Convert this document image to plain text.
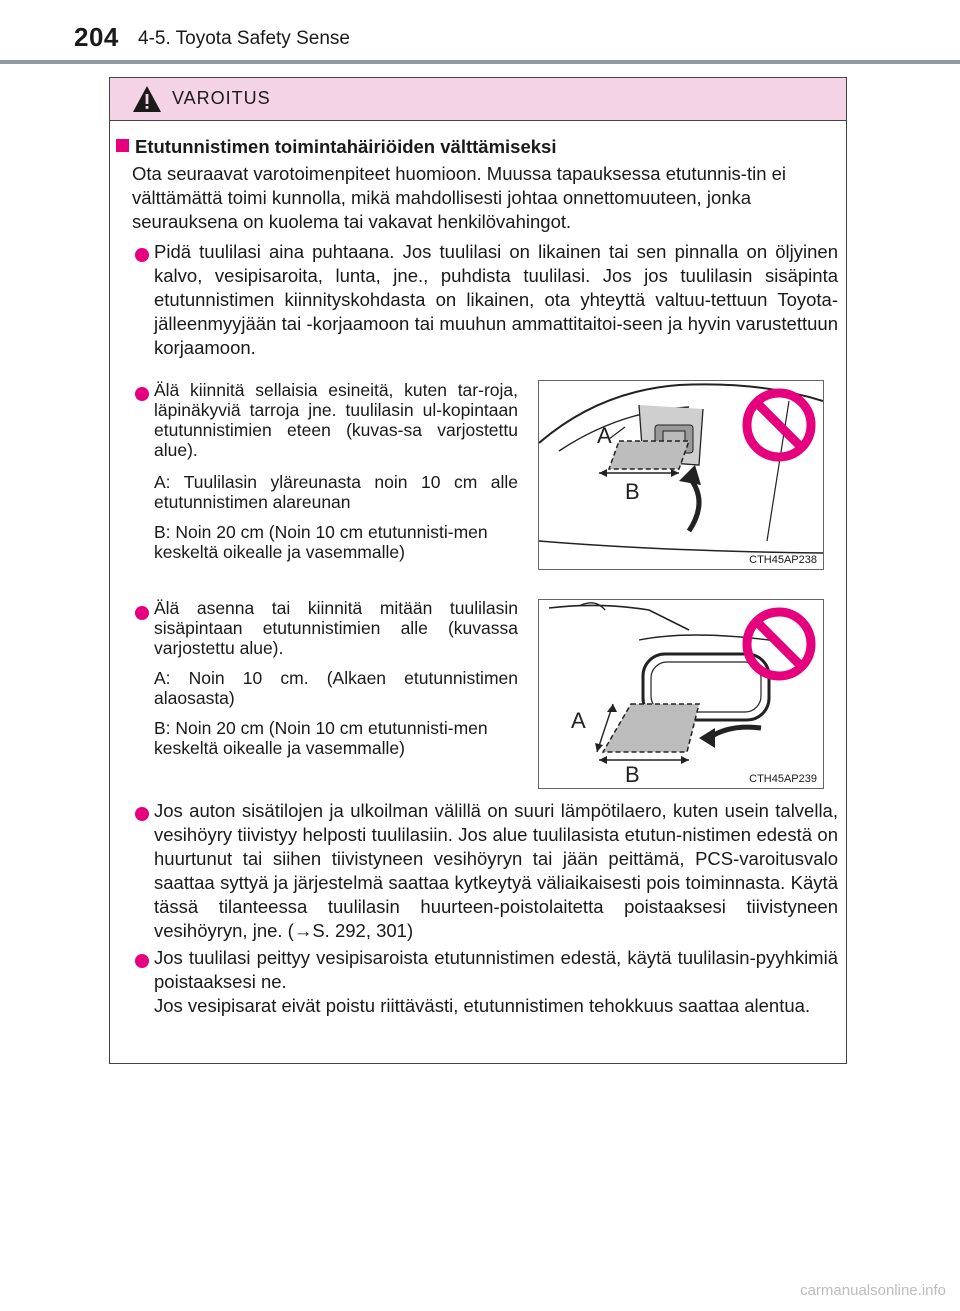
204 4-5. Toyota Safety Sense
VAROITUS
Etutunnistimen toimintahäiriöiden välttämiseksi
Ota seuraavat varotoimenpiteet huomioon. Muussa tapauksessa etutunnis-tin ei välttämättä toimi kunnolla, mikä mahdollisesti johtaa onnettomuuteen, jonka seurauksena on kuolema tai vakavat henkilövahingot.
Pidä tuulilasi aina puhtaana. Jos tuulilasi on likainen tai sen pinnalla on öljyinen kalvo, vesipisaroita, lunta, jne., puhdista tuulilasi. Jos jos tuulilasin sisäpinta etutunnistimen kiinnityskohdasta on likainen, ota yhteyttä valtuu-tettuun Toyota-jälleenmyyjään tai -korjaamoon tai muuhun ammattitaitoi-seen ja hyvin varustettuun korjaamoon.
Älä kiinnitä sellaisia esineitä, kuten tar-roja, läpinäkyviä tarroja jne. tuulilasin ul-kopintaan etutunnistimien eteen (kuvas-sa varjostettu alue).
A: Tuulilasin yläreunasta noin 10 cm alle etutunnistimen alareunan
B: Noin 20 cm (Noin 10 cm etutunnisti-men keskeltä oikealle ja vasemmalle)
A
B
CTH45AP238
Älä asenna tai kiinnitä mitään tuulilasin sisäpintaan etutunnistimien alle (kuvassa varjostettu alue).
A: Noin 10 cm. (Alkaen etutunnistimen alaosasta)
B: Noin 20 cm (Noin 10 cm etutunnisti-men keskeltä oikealle ja vasemmalle)
A
B	CTH45AP239
Jos auton sisätilojen ja ulkoilman välillä on suuri lämpötilaero, kuten usein talvella, vesihöyry tiivistyy helposti tuulilasiin. Jos alue tuulilasista etutun-nistimen edestä on huurtunut tai siihen tiivistyneen vesihöyryn tai jään peittämä, PCS-varoitusvalo saattaa syttyä ja järjestelmä saattaa kytkeytyä väliaikaisesti pois toiminnasta. Käytä tässä tilanteessa tuulilasin huurteen-poistolaitetta poistaaksesi tiivistyneen vesihöyryn, jne. (→S. 292, 301)
Jos tuulilasi peittyy vesipisaroista etutunnistimen edestä, käytä tuulilasin-pyyhkimiä poistaaksesi ne.
Jos vesipisarat eivät poistu riittävästi, etutunnistimen tehokkuus saattaa alentua.
carmanualsonline.info
